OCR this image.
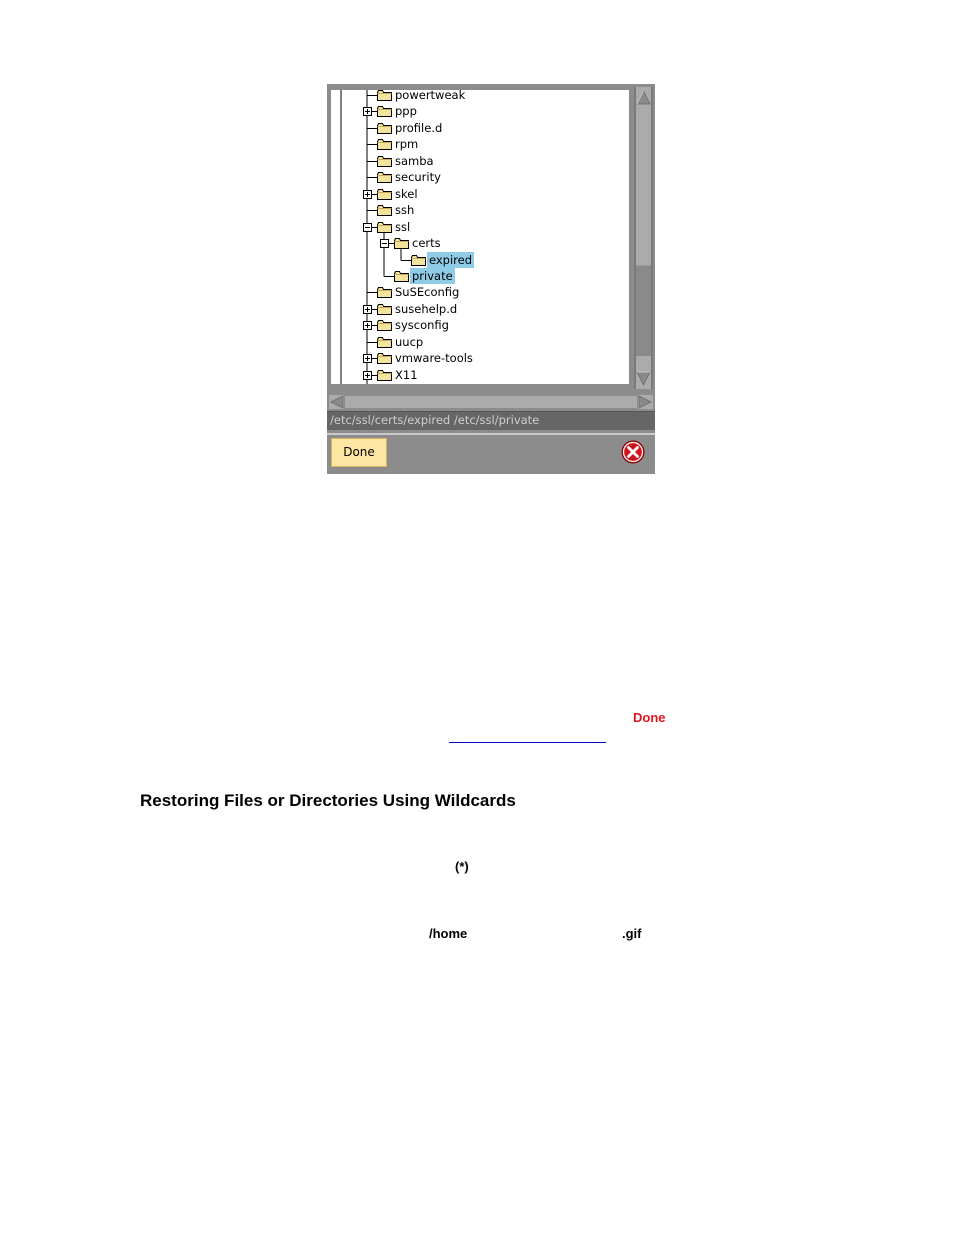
powertweak
ppp
profile.d
rpm
samba
security
skel
ssh
ssl
certs
expired
private
SuSEconfig
susehelp.d
sysconfig
uucp
vmware-tools
X11
/etc/ssl/certs/expired /etc/ssl/private
Done
Done
Restoring Files or Directories Using Wildcards
(*)
/home	.gif
